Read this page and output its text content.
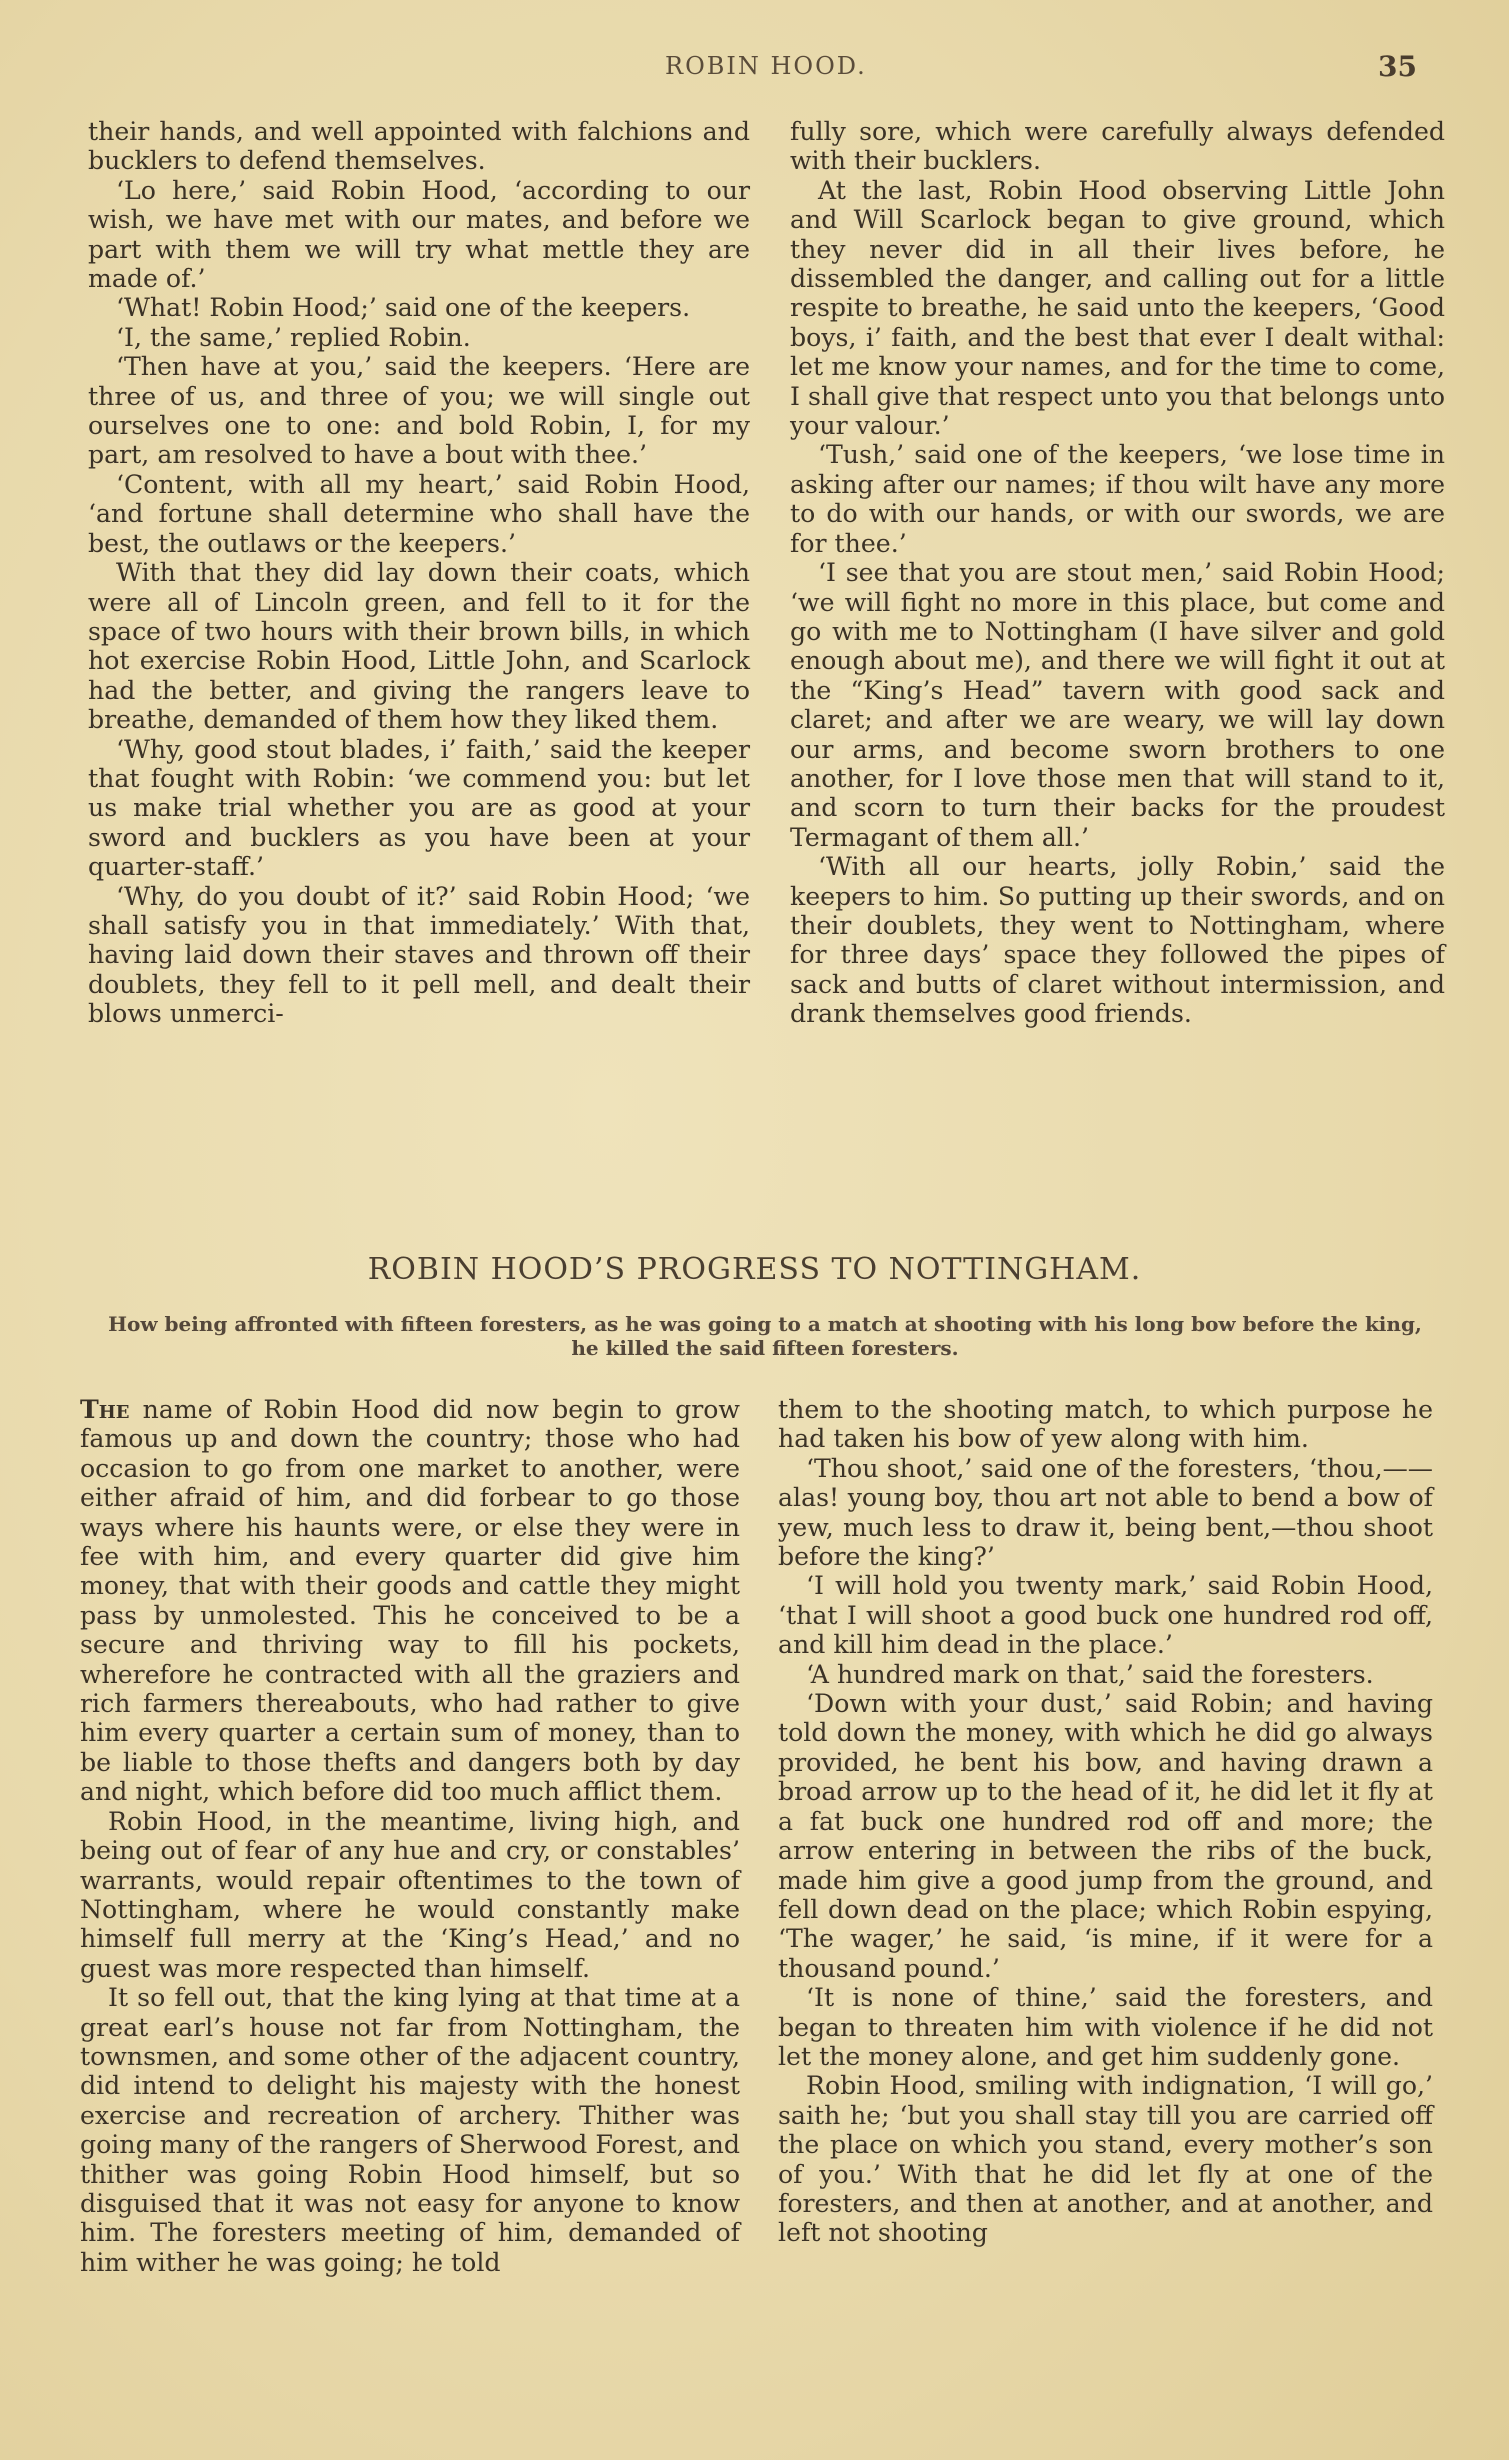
ROBIN HOOD.	35

their hands, and well appointed with falchions and bucklers to defend themselves.

‘Lo here,’ said Robin Hood, ‘according to our wish, we have met with our mates, and before we part with them we will try what mettle they are made of.’

‘What! Robin Hood;’ said one of the keepers.

‘I, the same,’ replied Robin.

‘Then have at you,’ said the keepers. ‘Here are three of us, and three of you; we will single out ourselves one to one: and bold Robin, I, for my part, am resolved to have a bout with thee.’

‘Content, with all my heart,’ said Robin Hood, ‘and fortune shall determine who shall have the best, the outlaws or the keepers.’

With that they did lay down their coats, which were all of Lincoln green, and fell to it for the space of two hours with their brown bills, in which hot exercise Robin Hood, Little John, and Scarlock had the better, and giving the rangers leave to breathe, demanded of them how they liked them.

‘Why, good stout blades, i’ faith,’ said the keeper that fought with Robin: ‘we commend you: but let us make trial whether you are as good at your sword and bucklers as you have been at your quarter-staff.’

‘Why, do you doubt of it?’ said Robin Hood; ‘we shall satisfy you in that immediately.’ With that, having laid down their staves and thrown off their doublets, they fell to it pell mell, and dealt their blows unmerci-

fully sore, which were carefully always defended with their bucklers.

At the last, Robin Hood observing Little John and Will Scarlock began to give ground, which they never did in all their lives before, he dissembled the danger, and calling out for a little respite to breathe, he said unto the keepers, ‘Good boys, i’ faith, and the best that ever I dealt withal: let me know your names, and for the time to come, I shall give that respect unto you that belongs unto your valour.’

‘Tush,’ said one of the keepers, ‘we lose time in asking after our names; if thou wilt have any more to do with our hands, or with our swords, we are for thee.’

‘I see that you are stout men,’ said Robin Hood; ‘we will fight no more in this place, but come and go with me to Nottingham (I have silver and gold enough about me), and there we will fight it out at the “King’s Head” tavern with good sack and claret; and after we are weary, we will lay down our arms, and become sworn brothers to one another, for I love those men that will stand to it, and scorn to turn their backs for the proudest Termagant of them all.’

‘With all our hearts, jolly Robin,’ said the keepers to him. So putting up their swords, and on their doublets, they went to Nottingham, where for three days’ space they followed the pipes of sack and butts of claret without intermission, and drank themselves good friends.

ROBIN HOOD’S PROGRESS TO NOTTINGHAM.
How being affronted with fifteen foresters, as he was going to a match at shooting with his long bow before the king, he killed the said fifteen foresters.

The name of Robin Hood did now begin to grow famous up and down the country; those who had occasion to go from one market to another, were either afraid of him, and did forbear to go those ways where his haunts were, or else they were in fee with him, and every quarter did give him money, that with their goods and cattle they might pass by unmolested. This he conceived to be a secure and thriving way to fill his pockets, wherefore he contracted with all the graziers and rich farmers thereabouts, who had rather to give him every quarter a certain sum of money, than to be liable to those thefts and dangers both by day and night, which before did too much afflict them.

Robin Hood, in the meantime, living high, and being out of fear of any hue and cry, or constables’ warrants, would repair oftentimes to the town of Nottingham, where he would constantly make himself full merry at the ‘King’s Head,’ and no guest was more respected than himself.

It so fell out, that the king lying at that time at a great earl’s house not far from Nottingham, the townsmen, and some other of the adjacent country, did intend to delight his majesty with the honest exercise and recreation of archery. Thither was going many of the rangers of Sherwood Forest, and thither was going Robin Hood himself, but so disguised that it was not easy for anyone to know him. The foresters meeting of him, demanded of him wither he was going; he told

them to the shooting match, to which purpose he had taken his bow of yew along with him.

‘Thou shoot,’ said one of the foresters, ‘thou,—— alas! young boy, thou art not able to bend a bow of yew, much less to draw it, being bent,—thou shoot before the king?’

‘I will hold you twenty mark,’ said Robin Hood, ‘that I will shoot a good buck one hundred rod off, and kill him dead in the place.’

‘A hundred mark on that,’ said the foresters.

‘Down with your dust,’ said Robin; and having told down the money, with which he did go always provided, he bent his bow, and having drawn a broad arrow up to the head of it, he did let it fly at a fat buck one hundred rod off and more; the arrow entering in between the ribs of the buck, made him give a good jump from the ground, and fell down dead on the place; which Robin espying, ‘The wager,’ he said, ‘is mine, if it were for a thousand pound.’

‘It is none of thine,’ said the foresters, and began to threaten him with violence if he did not let the money alone, and get him suddenly gone.

Robin Hood, smiling with indignation, ‘I will go,’ saith he; ‘but you shall stay till you are carried off the place on which you stand, every mother’s son of you.’ With that he did let fly at one of the foresters, and then at another, and at another, and left not shooting
